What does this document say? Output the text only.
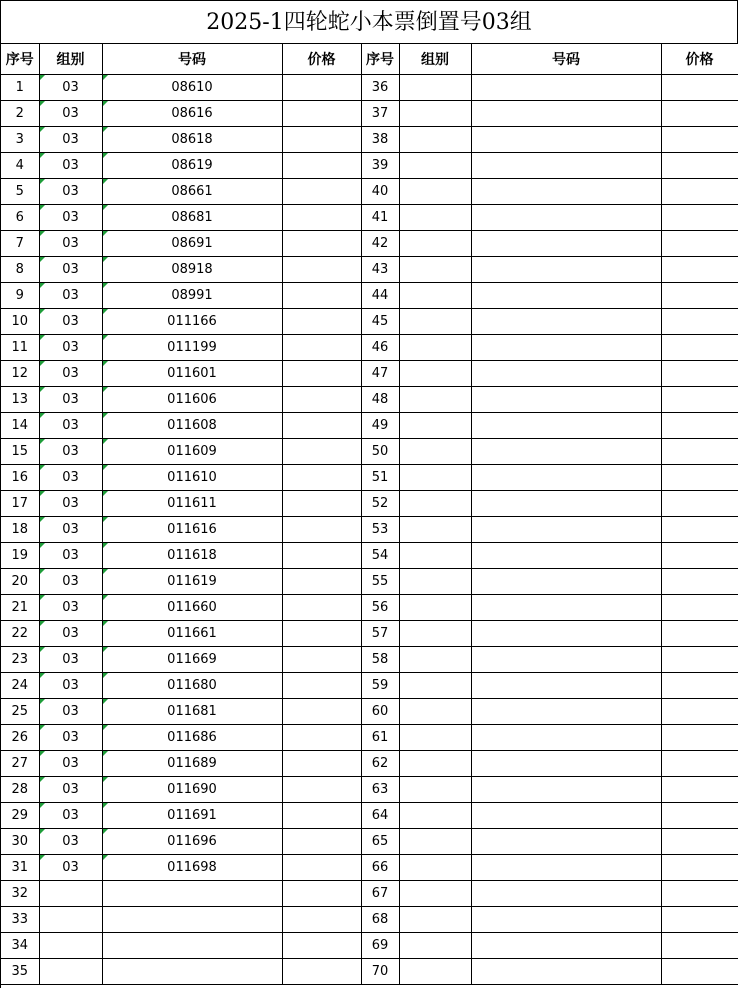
2025-1四轮蛇小本票倒置号03组
序号	组别	号码	价格	序号	组别	号码	价格
1	03	08610		36			
2	03	08616		37			
3	03	08618		38			
4	03	08619		39			
5	03	08661		40			
6	03	08681		41			
7	03	08691		42			
8	03	08918		43			
9	03	08991		44			
10	03	011166		45			
11	03	011199		46			
12	03	011601		47			
13	03	011606		48			
14	03	011608		49			
15	03	011609		50			
16	03	011610		51			
17	03	011611		52			
18	03	011616		53			
19	03	011618		54			
20	03	011619		55			
21	03	011660		56			
22	03	011661		57			
23	03	011669		58			
24	03	011680		59			
25	03	011681		60			
26	03	011686		61			
27	03	011689		62			
28	03	011690		63			
29	03	011691		64			
30	03	011696		65			
31	03	011698		66			
32				67			
33				68			
34				69			
35				70			
